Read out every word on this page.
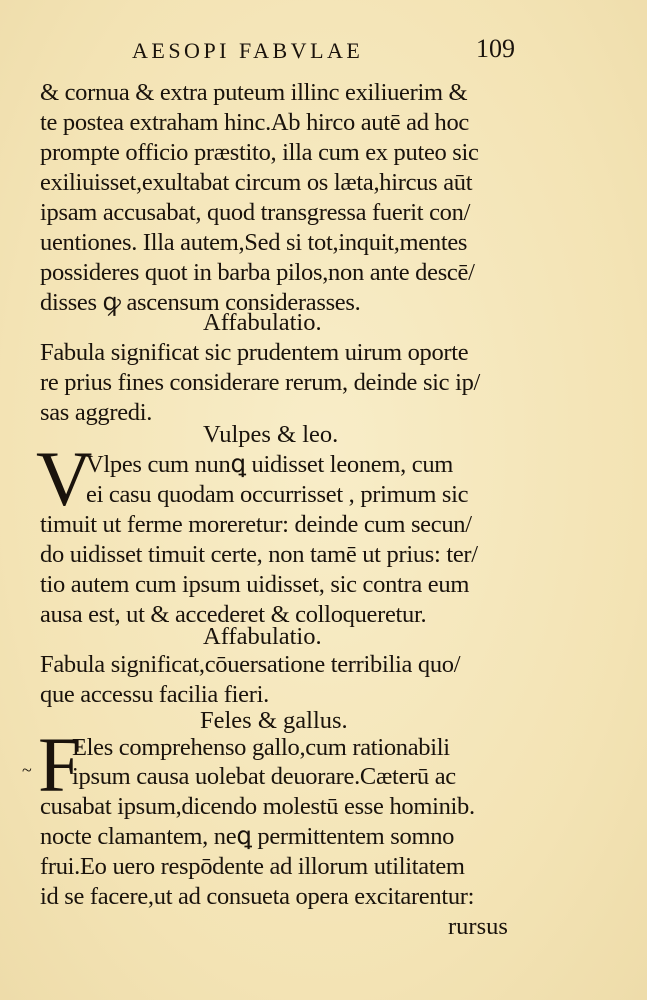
AESOPI FABVLAE	109
& cornua & extra puteum illinc exiliuerim &
te postea extraham hinc.Ab hirco autē ad hoc
prompte officio præstito, illa cum ex puteo sic
exiliuisset,exultabat circum os læta,hircus aūt
ipsam accusabat, quod transgressa fuerit con/
uentiones. Illa autem,Sed si tot,inquit,mentes
possideres quot in barba pilos,non ante descē/
disses ꝙ ascensum considerasses.
Affabulatio.
Fabula significat sic prudentem uirum oporte
re prius fines considerare rerum, deinde sic ip/
sas aggredi.
Vulpes & leo.
V
Vlpes cum nunꝗ uidisset leonem, cum
ei casu quodam occurrisset , primum sic
timuit ut ferme moreretur: deinde cum secun/
do uidisset timuit certe, non tamē ut prius: ter/
tio autem cum ipsum uidisset, sic contra eum
ausa est, ut & accederet & colloqueretur.
Affabulatio.
Fabula significat,cōuersatione terribilia quo/
que accessu facilia fieri.
Feles & gallus.
~ F
Eles comprehenso gallo,cum rationabili
ipsum causa uolebat deuorare.Cæterū ac
cusabat ipsum,dicendo molestū esse hominib.
nocte clamantem, neꝗ permittentem somno
frui.Eo uero respōdente ad illorum utilitatem
id se facere,ut ad consueta opera excitarentur:
rursus
